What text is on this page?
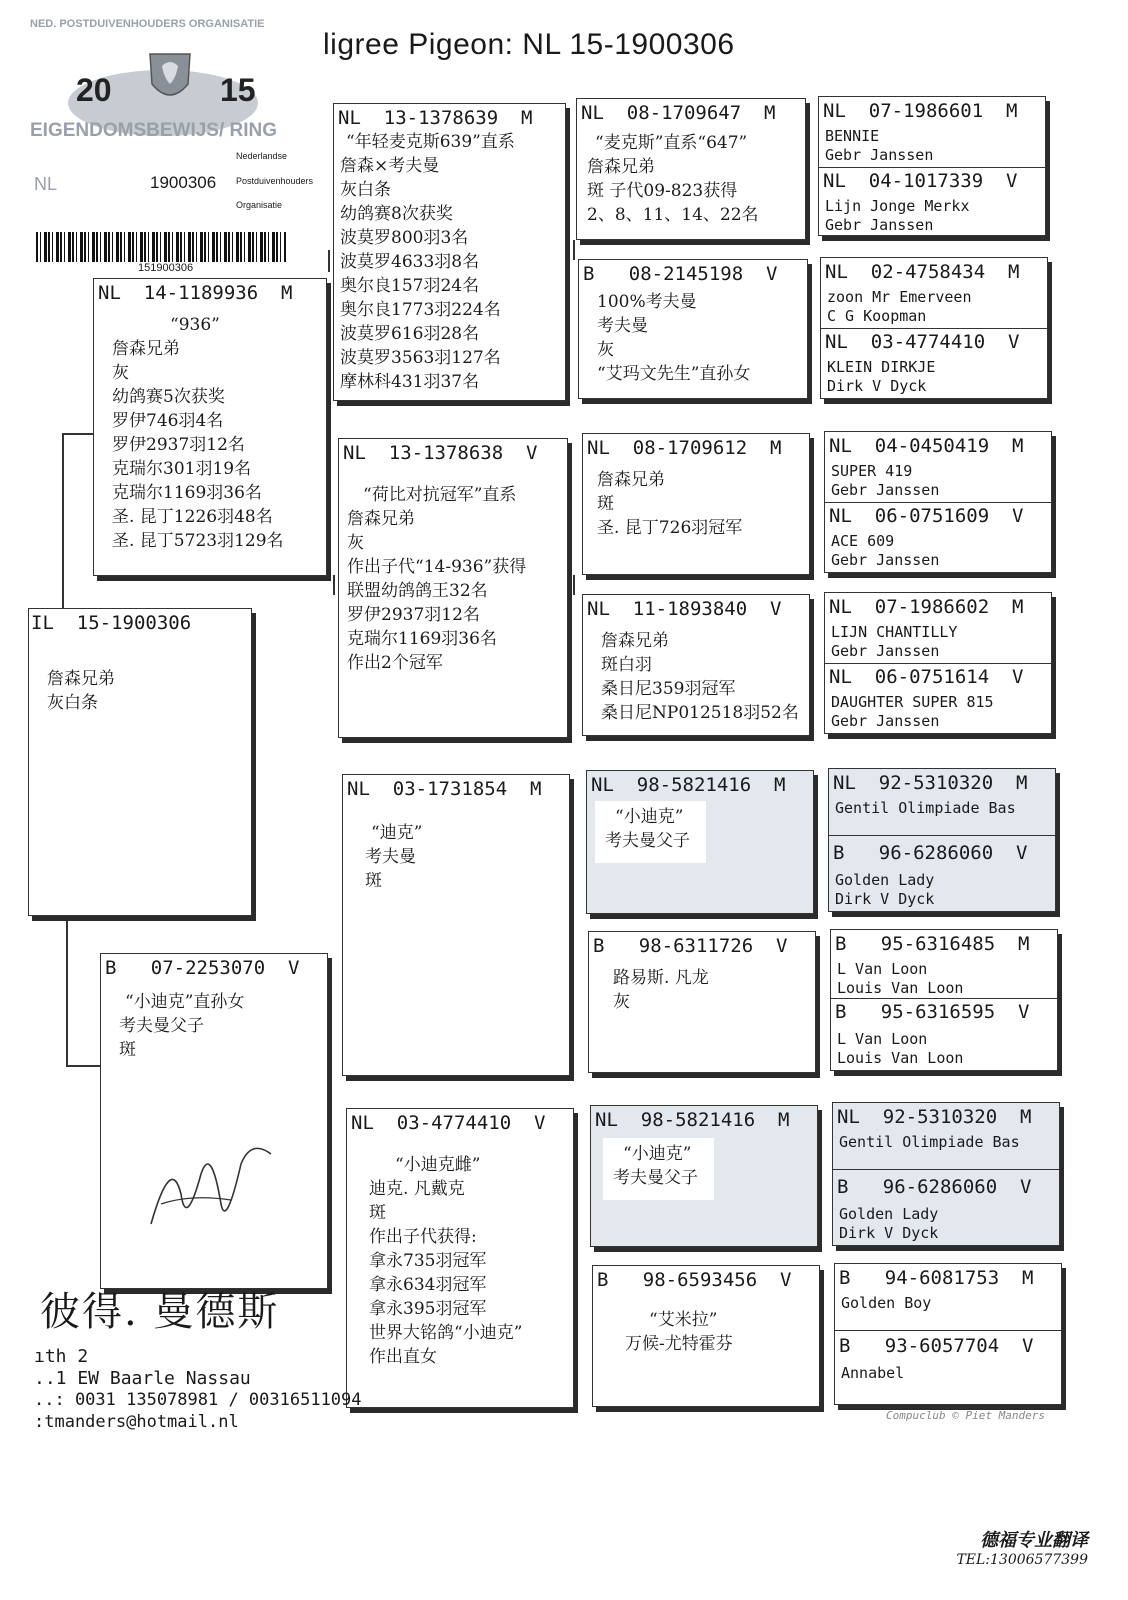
ligree Pigeon: NL 15-1900306
NED. POSTDUIVENHOUDERS ORGANISATIE
20	15
EIGENDOMSBEWIJS/ RING
NL	1900306
Nederlandse
Postduivenhouders
Organisatie
151900306
IL  15-1900306
詹森兄弟
灰白条
NL  14-1189936  M
“936”
詹森兄弟
灰
幼鸽赛5次获奖
罗伊746羽4名
罗伊2937羽12名
克瑞尔301羽19名
克瑞尔1169羽36名
圣. 昆丁1226羽48名
圣. 昆丁5723羽129名
B   07-2253070  V
“小迪克”直孙女
考夫曼父子
斑
NL  13-1378639  M
“年轻麦克斯639”直系
詹森×考夫曼
灰白条
幼鸽赛8次获奖
波莫罗800羽3名
波莫罗4633羽8名
奥尔良157羽24名
奥尔良1773羽224名
波莫罗616羽28名
波莫罗3563羽127名
摩林科431羽37名
NL  13-1378638  V
“荷比对抗冠军”直系
詹森兄弟
灰
作出子代“14-936”获得
联盟幼鸽鸽王32名
罗伊2937羽12名
克瑞尔1169羽36名
作出2个冠军
NL  03-1731854  M
“迪克”
考夫曼
斑
NL  03-4774410  V
“小迪克雌”
迪克. 凡戴克
斑
作出子代获得:
拿永735羽冠军
拿永634羽冠军
拿永395羽冠军
世界大铭鸽“小迪克”
作出直女
NL  08-1709647  M
“麦克斯”直系“647”
詹森兄弟
斑 子代09-823获得
2、8、11、14、22名
B   08-2145198  V
100%考夫曼
考夫曼
灰
“艾玛文先生”直孙女
NL  08-1709612  M
詹森兄弟
斑
圣. 昆丁726羽冠军
NL  11-1893840  V
詹森兄弟
斑白羽
桑日尼359羽冠军
桑日尼NP012518羽52名
NL  98-5821416  M
“小迪克”
考夫曼父子
B   98-6311726  V
路易斯. 凡龙
灰
NL  98-5821416  M
“小迪克”
考夫曼父子
B   98-6593456  V
“艾米拉”
万候-尤特霍芬
NL  07-1986601  M
BENNIE
Gebr Janssen
NL  04-1017339  V
Lijn Jonge Merkx
Gebr Janssen
NL  02-4758434  M
zoon Mr Emerveen
C G Koopman
NL  03-4774410  V
KLEIN DIRKJE
Dirk V Dyck
NL  04-0450419  M
SUPER 419
Gebr Janssen
NL  06-0751609  V
ACE 609
Gebr Janssen
NL  07-1986602  M
LIJN CHANTILLY
Gebr Janssen
NL  06-0751614  V
DAUGHTER SUPER 815
Gebr Janssen
NL  92-5310320  M
Gentil Olimpiade Bas
B   96-6286060  V
Golden Lady
Dirk V Dyck
B   95-6316485  M
L Van Loon
Louis Van Loon
B   95-6316595  V
L Van Loon
Louis Van Loon
NL  92-5310320  M
Gentil Olimpiade Bas
B   96-6286060  V
Golden Lady
Dirk V Dyck
B   94-6081753  M
Golden Boy
B   93-6057704  V
Annabel
彼得. 曼德斯
ıth 2
..1 EW Baarle Nassau
..: 0031 135078981 / 00316511094
:tmanders@hotmail.nl	Compuclub © Piet Manders
德福专业翻译
TEL:13006577399
